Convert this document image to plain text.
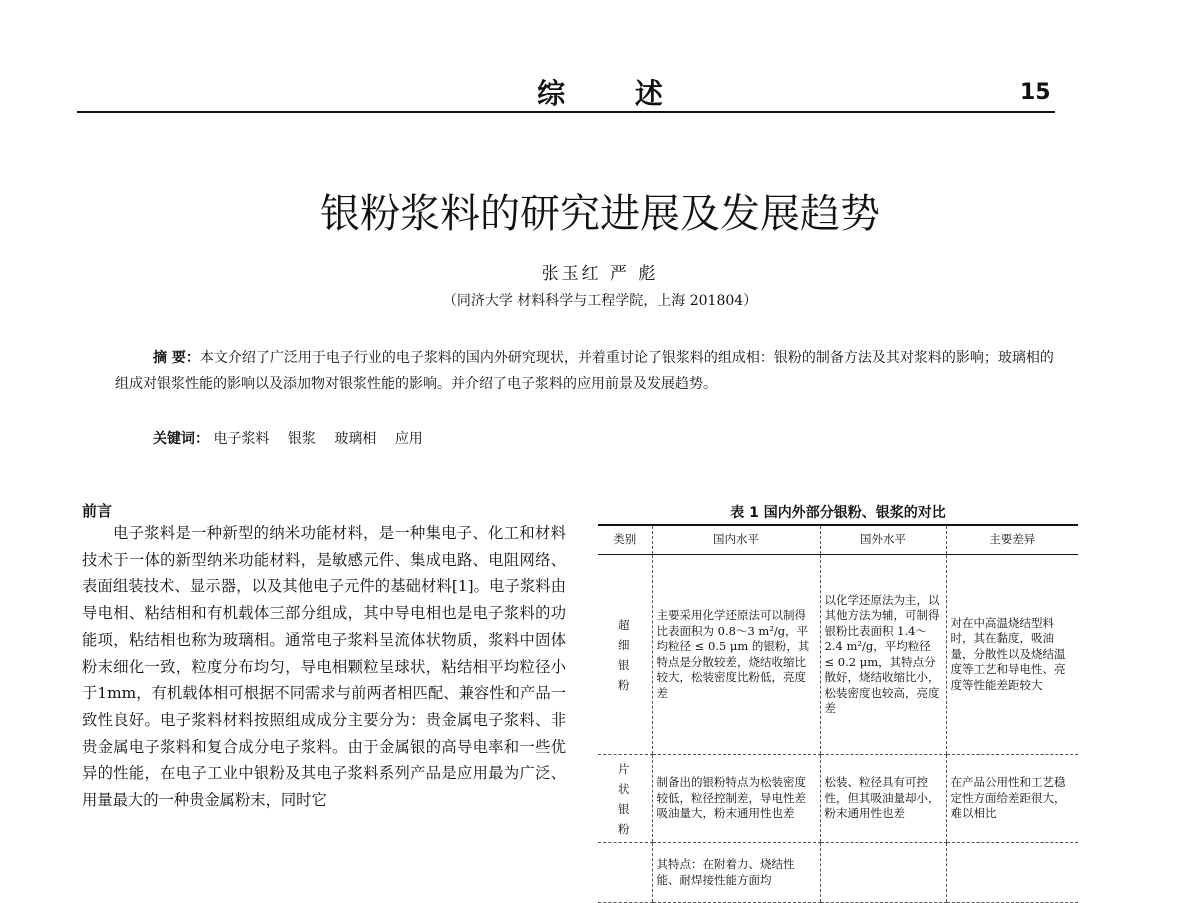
综 述	15
银粉浆料的研究进展及发展趋势
张玉红 严 彪
（同济大学 材料科学与工程学院，上海 201804）
摘 要：本文介绍了广泛用于电子行业的电子浆料的国内外研究现状，并着重讨论了银浆料的组成相：银粉的制备方法及其对浆料的影响；玻璃相的组成对银浆性能的影响以及添加物对银浆性能的影响。并介绍了电子浆料的应用前景及发展趋势。
关键词： 电子浆料 银浆 玻璃相 应用
前言

电子浆料是一种新型的纳米功能材料，是一种集电子、化工和材料技术于一体的新型纳米功能材料，是敏感元件、集成电路、电阻网络、表面组装技术、显示器，以及其他电子元件的基础材料[1]。电子浆料由导电相、粘结相和有机载体三部分组成，其中导电相也是电子浆料的功能项，粘结相也称为玻璃相。通常电子浆料呈流体状物质，浆料中固体粉末细化一致，粒度分布均匀，导电相颗粒呈球状，粘结相平均粒径小于1mm，有机载体相可根据不同需求与前两者相匹配、兼容性和产品一致性良好。电子浆料材料按照组成成分主要分为：贵金属电子浆料、非贵金属电子浆料和复合成分电子浆料。由于金属银的高导电率和一些优异的性能，在电子工业中银粉及其电子浆料系列产品是应用最为广泛、用量最大的一种贵金属粉末，同时它

表 1 国内外部分银粉、银浆的对比
类别	国内水平	国外水平	主要差异
超细银粉	主要采用化学还原法可以制得比表面积为 0.8～3 m²/g，平均粒径 ≤ 0.5 μm 的银粉，其特点是分散较差，烧结收缩比较大，松装密度比粉低，亮度差	以化学还原法为主，以其他方法为辅，可制得银粉比表面积 1.4～2.4 m²/g，平均粒径 ≤ 0.2 μm，其特点分散好，烧结收缩比小，松装密度也较高，亮度差	对在中高温烧结型料时，其在黏度，吸油量，分散性以及烧结温度等工艺和导电性、亮度等性能差距较大
片状银粉	制备出的银粉特点为松装密度较低，粒径控制差，导电性差吸油量大，粉末通用性也差	松装、粒径具有可控性，但其吸油量却小，粉末通用性也差	在产品公用性和工艺稳定性方面给差距很大，难以相比
	其特点：在附着力、烧结性能、耐焊接性能方面均		
